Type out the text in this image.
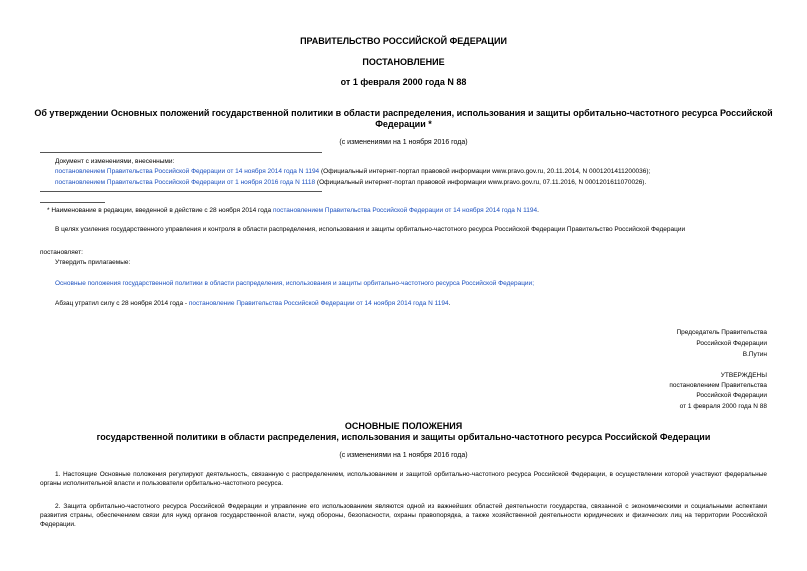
ПРАВИТЕЛЬСТВО РОССИЙСКОЙ ФЕДЕРАЦИИ
ПОСТАНОВЛЕНИЕ
от 1 февраля 2000 года N 88
Об утверждении Основных положений государственной политики в области распределения, использования и защиты орбитально-частотного ресурса Российской
Федерации *
(с изменениями на 1 ноября 2016 года)
Документ с изменениями, внесенными:
постановлением Правительства Российской Федерации от 14 ноября 2014 года N 1194 (Официальный интернет-портал правовой информации www.pravo.gov.ru, 20.11.2014, N 0001201411200036);
постановлением Правительства Российской Федерации от 1 ноября 2016 года N 1118 (Официальный интернет-портал правовой информации www.pravo.gov.ru, 07.11.2016, N 0001201611070026).
* Наименование в редакции, введенной в действие с 28 ноября 2014 года постановлением Правительства Российской Федерации от 14 ноября 2014 года N 1194.
В целях усиления государственного управления и контроля в области распределения, использования и защиты орбитально-частотного ресурса Российской Федерации Правительство Российской Федерации
постановляет:
Утвердить прилагаемые:
Основные положения государственной политики в области распределения, использования и защиты орбитально-частотного ресурса Российской Федерации;
Абзац утратил силу с 28 ноября 2014 года - постановление Правительства Российской Федерации от 14 ноября 2014 года N 1194.
Председатель Правительства
Российской Федерации
В.Путин
УТВЕРЖДЕНЫ
постановлением Правительства
Российской Федерации
от 1 февраля 2000 года N 88
ОСНОВНЫЕ ПОЛОЖЕНИЯ
государственной политики в области распределения, использования и защиты орбитально-частотного ресурса Российской Федерации
(с изменениями на 1 ноября 2016 года)
1. Настоящие Основные положения регулируют деятельность, связанную с распределением, использованием и защитой орбитально-частотного ресурса Российской Федерации, в осуществлении которой участвуют федеральные органы исполнительной власти и пользователи орбитально-частотного ресурса.
2. Защита орбитально-частотного ресурса Российской Федерации и управление его использованием являются одной из важнейших областей деятельности государства, связанной с экономическими и социальными аспектами развития страны, обеспечением связи для нужд органов государственной власти, нужд обороны, безопасности, охраны правопорядка, а также хозяйственной деятельности юридических и физических лиц на территории Российской Федерации.
